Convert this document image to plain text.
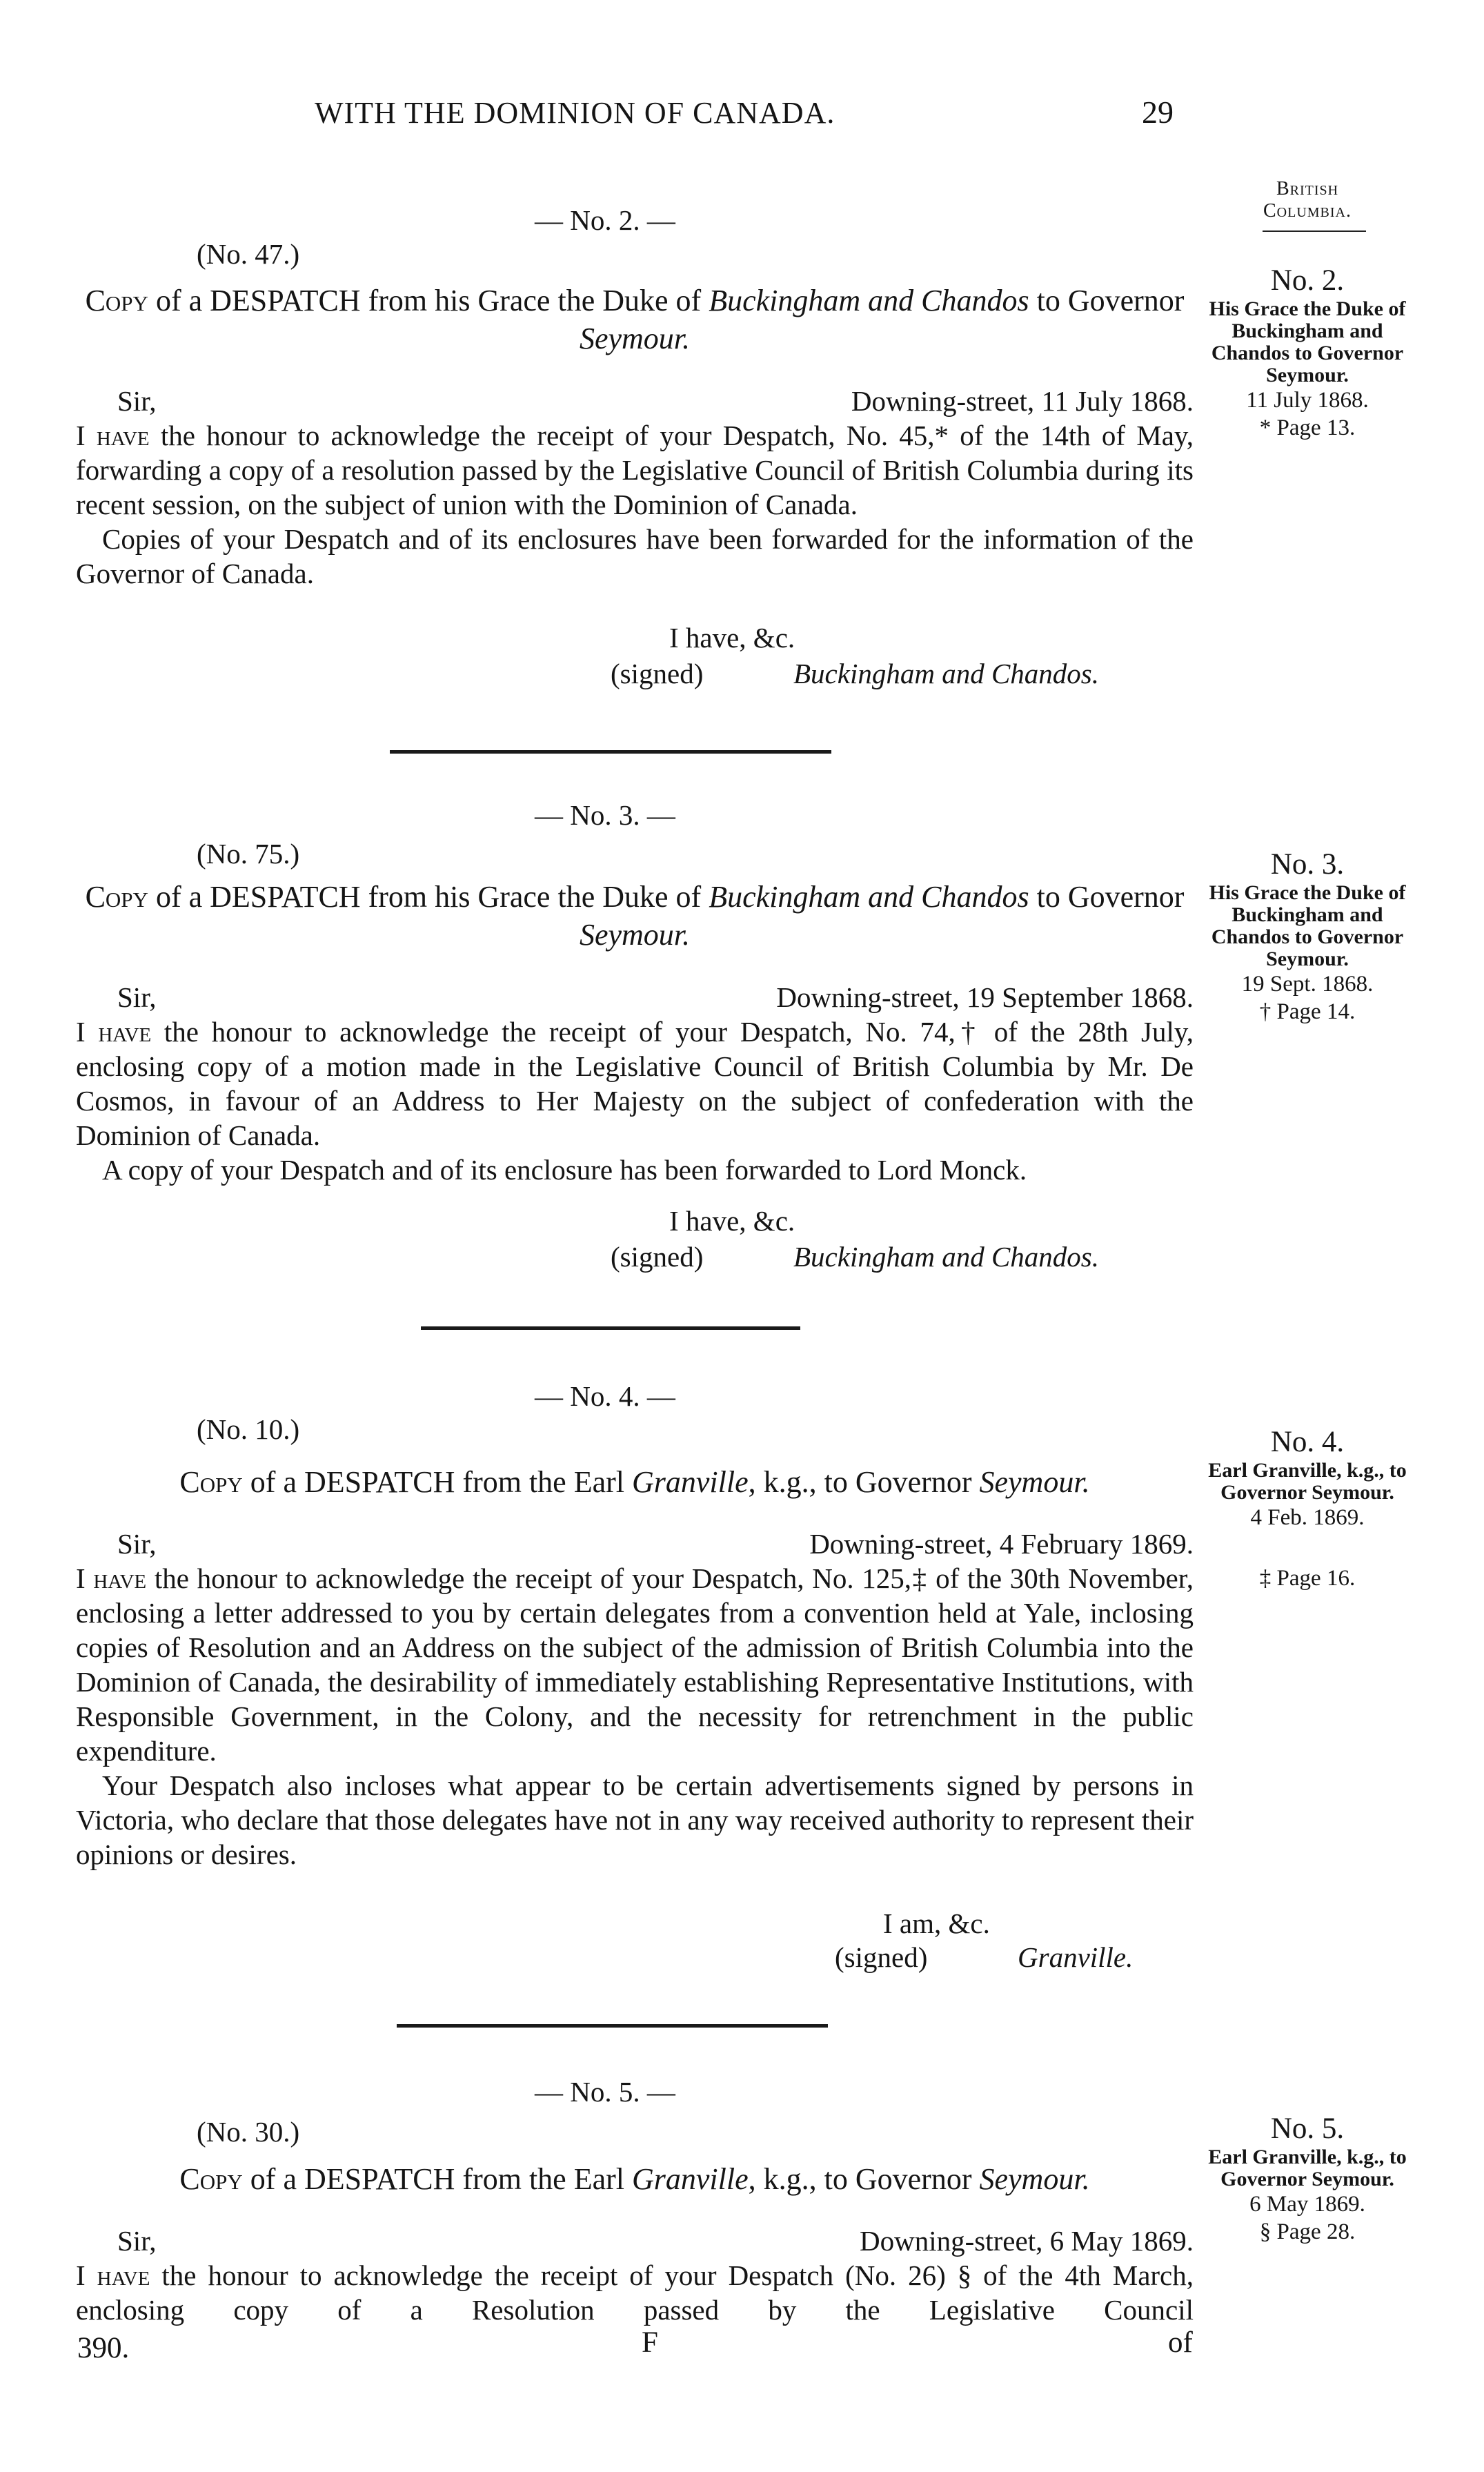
WITH THE DOMINION OF CANADA.	29
British
Columbia.
— No. 2. —
(No. 47.)
Copy of a DESPATCH from his Grace the Duke of Buckingham and Chandos to Governor Seymour.
Sir,	Downing-street, 11 July 1868.
I have the honour to acknowledge the receipt of your Despatch, No. 45,* of the 14th of May, forwarding a copy of a resolution passed by the Legislative Council of British Columbia during its recent session, on the subject of union with the Dominion of Canada.
Copies of your Despatch and of its enclosures have been forwarded for the information of the Governor of Canada.
I have, &c.
(signed)	Buckingham and Chandos.
No. 2.
His Grace the Duke of Buckingham and Chandos to Governor Seymour.
11 July 1868.
* Page 13.
— No. 3. —
(No. 75.)
Copy of a DESPATCH from his Grace the Duke of Buckingham and Chandos to Governor Seymour.
Sir,	Downing-street, 19 September 1868.
I have the honour to acknowledge the receipt of your Despatch, No. 74,† of the 28th July, enclosing copy of a motion made in the Legislative Council of British Columbia by Mr. De Cosmos, in favour of an Address to Her Majesty on the subject of confederation with the Dominion of Canada.
A copy of your Despatch and of its enclosure has been forwarded to Lord Monck.
I have, &c.
(signed)	Buckingham and Chandos.
No. 3.
His Grace the Duke of Buckingham and Chandos to Governor Seymour.
19 Sept. 1868.
† Page 14.
— No. 4. —
(No. 10.)
Copy of a DESPATCH from the Earl Granville, k.g., to Governor Seymour.
Sir,	Downing-street, 4 February 1869.
I have the honour to acknowledge the receipt of your Despatch, No. 125,‡ of the 30th November, enclosing a letter addressed to you by certain delegates from a convention held at Yale, inclosing copies of Resolution and an Address on the subject of the admission of British Columbia into the Dominion of Canada, the desirability of immediately establishing Representative Institutions, with Responsible Government, in the Colony, and the necessity for retrenchment in the public expenditure.
Your Despatch also incloses what appear to be certain advertisements signed by persons in Victoria, who declare that those delegates have not in any way received authority to represent their opinions or desires.
I am, &c.
(signed)	Granville.
No. 4.
Earl Granville, k.g., to Governor Seymour.
4 Feb. 1869.
‡ Page 16.
— No. 5. —
(No. 30.)
Copy of a DESPATCH from the Earl Granville, k.g., to Governor Seymour.
Sir,	Downing-street, 6 May 1869.
I have the honour to acknowledge the receipt of your Despatch (No. 26) § of the 4th March, enclosing copy of a Resolution passed by the Legislative Council
No. 5.
Earl Granville, k.g., to Governor Seymour.
6 May 1869.
§ Page 28.
390.	F	of
